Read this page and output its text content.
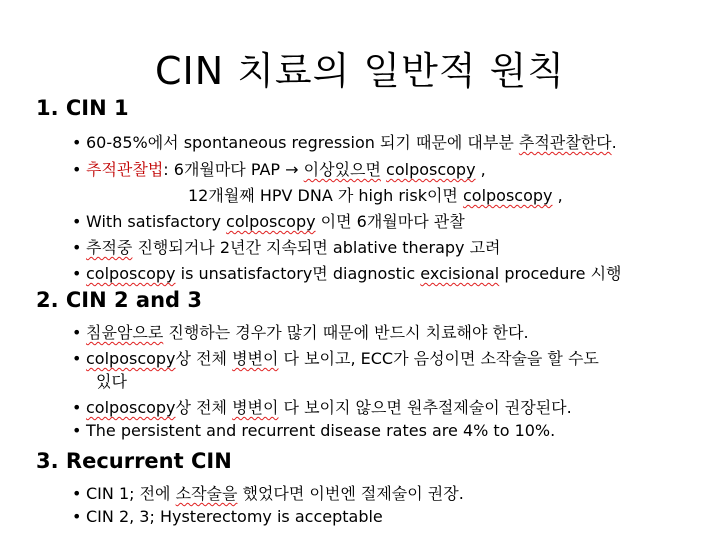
CIN 치료의 일반적 원칙
1. CIN 1
• 60-85%에서 spontaneous regression 되기 때문에 대부분 추적관찰한다.
• 추적관찰법: 6개월마다 PAP → 이상있으면 colposcopy ,
12개월째 HPV DNA 가 high risk이면 colposcopy ,
• With satisfactory colposcopy 이면 6개월마다 관찰
• 추적중 진행되거나 2년간 지속되면 ablative therapy 고려
• colposcopy is unsatisfactory면 diagnostic excisional procedure 시행
2. CIN 2 and 3
• 침윤암으로 진행하는 경우가 많기 때문에 반드시 치료해야 한다.
• colposcopy상 전체 병변이 다 보이고, ECC가 음성이면 소작술을 할 수도
있다
• colposcopy상 전체 병변이 다 보이지 않으면 원추절제술이 권장된다.
• The persistent and recurrent disease rates are 4% to 10%.
3. Recurrent CIN
• CIN 1; 전에 소작술을 했었다면 이번엔 절제술이 권장.
• CIN 2, 3; Hysterectomy is acceptable
